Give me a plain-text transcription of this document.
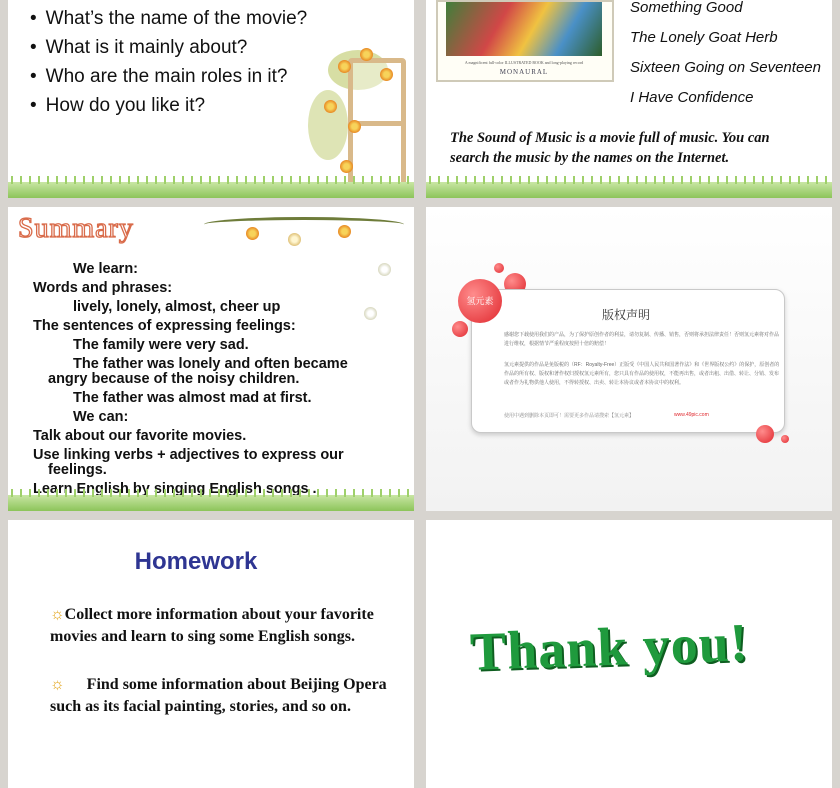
• What’s the name of the movie?
• What is it mainly about?
• Who are the main roles in it?
• How do you like it?
A magnificent full-color ILLUSTRATED BOOK and long-playing record
MONAURAL
Something Good
The Lonely Goat Herb
Sixteen Going on Seventeen
I Have Confidence
The Sound of Music is a movie full of music. You can search the music by the names on the Internet.
Summary
We learn:
Words and phrases:
lively, lonely, almost, cheer up
The sentences of expressing feelings:
The family were very sad.
The father was lonely and often became
angry because of the noisy children.
The father was almost mad at first.
We can:
Talk about our favorite movies.
Use linking verbs + adjectives to express our
feelings.
氢元素
版权声明
感谢您下载使用我们的产品，为了保护原创作者的利益，请勿复制、传播、销售，否则将承担法律责任！否则氢元素将对作品进行维权，根据情节严重程度按照十倍的赔偿！
氢元素提供的作品是免版税的（RF：Royalty-Free）正版受《中国人民共和国著作法》和《世界版权公约》的保护，原创者的作品的所有权、版权和著作权归授权氢元素所有，您只具有作品的使用权，不能再出售，或者出租、出借、转让、分销、发布或者作为礼物供他人使用，不得转授权、出卖、转让本协议或者本协议中的权利。
使用中遇到删除本页即可！需要更多作品请搜索【氢元素】	www.49pic.com
Homework
☼Collect more information about your favorite movies and learn to sing some English songs.
☼ Find some information about Beijing Opera such as its facial painting, stories, and so on.
Thank you!
